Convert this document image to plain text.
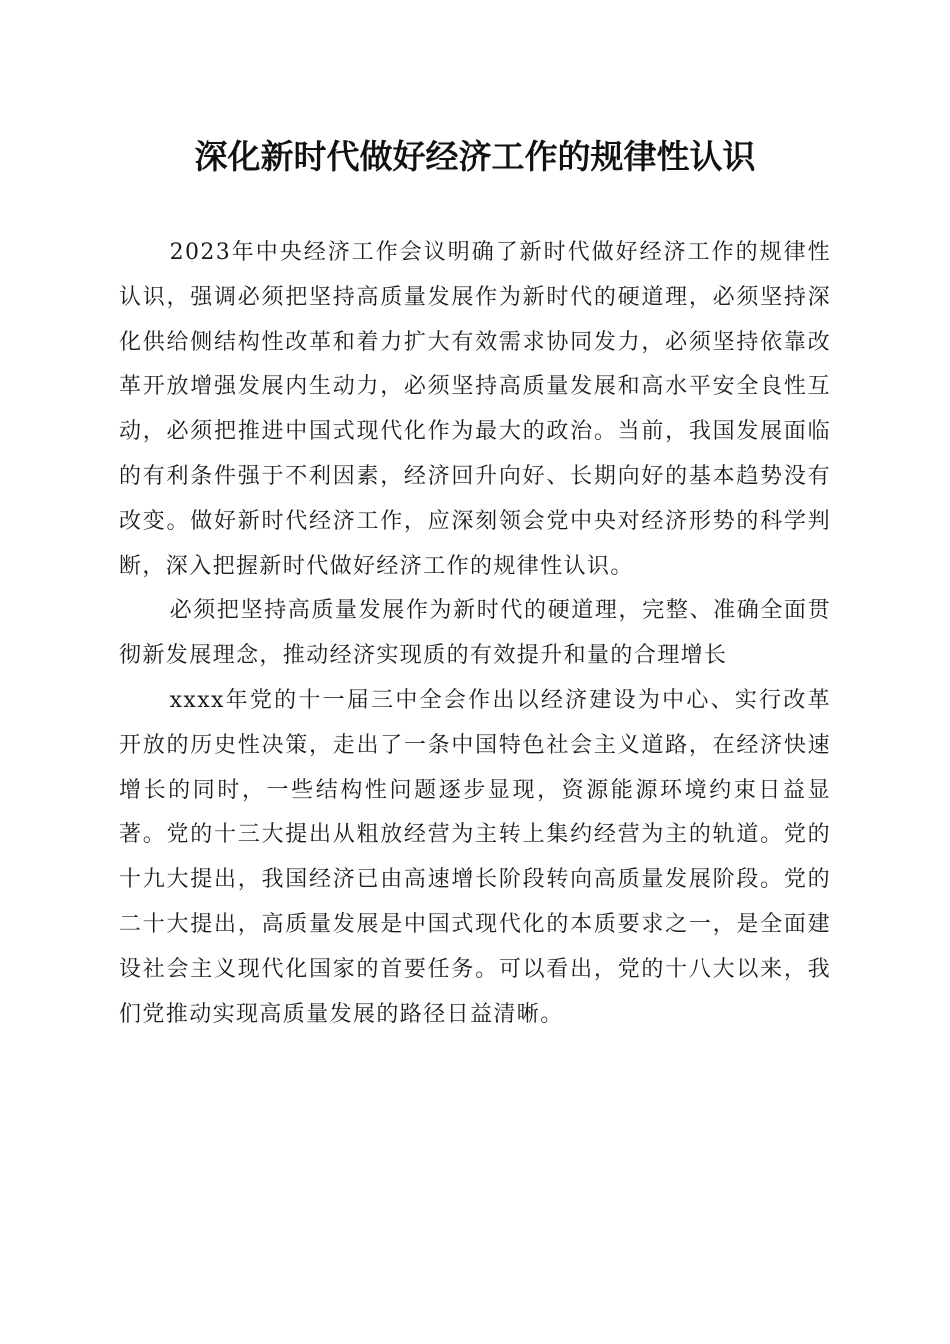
深化新时代做好经济工作的规律性认识

2023年中央经济工作会议明确了新时代做好经济工作的规律性认识，强调必须把坚持高质量发展作为新时代的硬道理，必须坚持深化供给侧结构性改革和着力扩大有效需求协同发力，必须坚持依靠改革开放增强发展内生动力，必须坚持高质量发展和高水平安全良性互动，必须把推进中国式现代化作为最大的政治。当前，我国发展面临的有利条件强于不利因素，经济回升向好、长期向好的基本趋势没有改变。做好新时代经济工作，应深刻领会党中央对经济形势的科学判断，深入把握新时代做好经济工作的规律性认识。

必须把坚持高质量发展作为新时代的硬道理，完整、准确全面贯彻新发展理念，推动经济实现质的有效提升和量的合理增长

xxxx年党的十一届三中全会作出以经济建设为中心、实行改革开放的历史性决策，走出了一条中国特色社会主义道路，在经济快速增长的同时，一些结构性问题逐步显现，资源能源环境约束日益显著。党的十三大提出从粗放经营为主转上集约经营为主的轨道。党的十九大提出，我国经济已由高速增长阶段转向高质量发展阶段。党的二十大提出，高质量发展是中国式现代化的本质要求之一，是全面建设社会主义现代化国家的首要任务。可以看出，党的十八大以来，我们党推动实现高质量发展的路径日益清晰。
